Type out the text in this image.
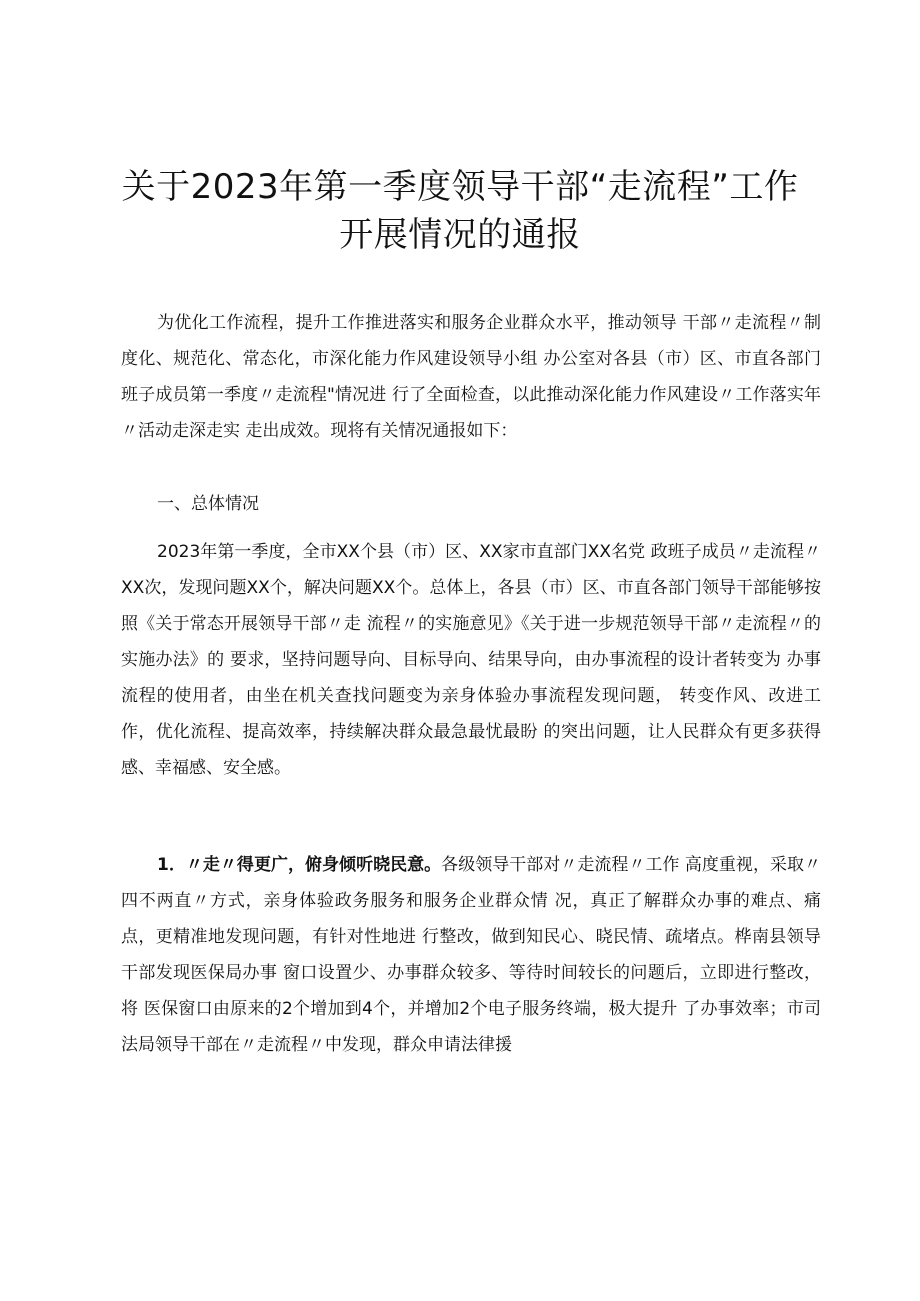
关于2023年第一季度领导干部“走流程”工作
开展情况的通报

为优化工作流程，提升工作推进落实和服务企业群众水平，推动领导 干部〃走流程〃制度化、规范化、常态化，市深化能力作风建设领导小组 办公室对各县（市）区、市直各部门班子成员第一季度〃走流程"情况进 行了全面检查，以此推动深化能力作风建设〃工作落实年〃活动走深走实 走出成效。现将有关情况通报如下：

一、总体情况

2023年第一季度，全市XX个县（市）区、XX家市直部门XX名党 政班子成员〃走流程〃 XX次，发现问题XX个，解决问题XX个。总体上，各县（市）区、市直各部门领导干部能够按照《关于常态开展领导干部〃走 流程〃的实施意见》《关于进一步规范领导干部〃走流程〃的实施办法》的 要求，坚持问题导向、目标导向、结果导向，由办事流程的设计者转变为 办事流程的使用者，由坐在机关查找问题变为亲身体验办事流程发现问题， 转变作风、改进工作，优化流程、提高效率，持续解决群众最急最忧最盼 的突出问题，让人民群众有更多获得感、幸福感、安全感。

1．〃走〃得更广，俯身倾听晓民意。各级领导干部对〃走流程〃工作 高度重视，采取〃四不两直〃方式，亲身体验政务服务和服务企业群众情 况，真正了解群众办事的难点、痛点，更精准地发现问题，有针对性地进 行整改，做到知民心、晓民情、疏堵点。桦南县领导干部发现医保局办事 窗口设置少、办事群众较多、等待时间较长的问题后，立即进行整改，将 医保窗口由原来的2个增加到4个，并增加2个电子服务终端，极大提升 了办事效率；市司法局领导干部在〃走流程〃中发现，群众申请法律援
